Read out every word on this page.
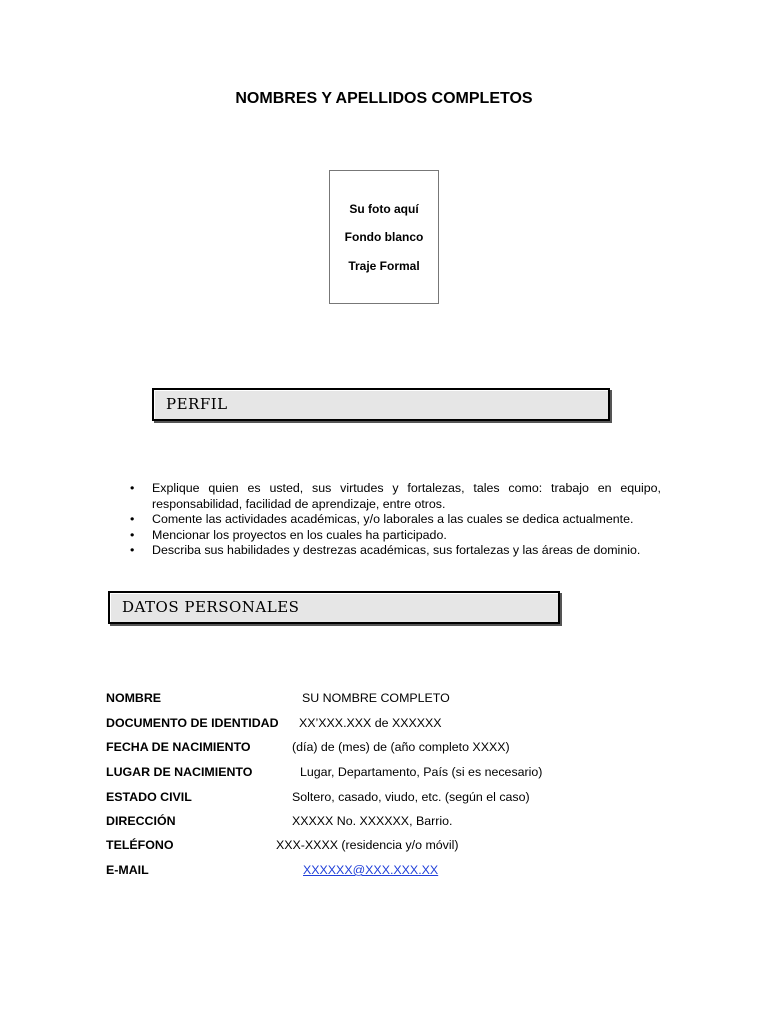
NOMBRES Y APELLIDOS COMPLETOS
Su foto aquí
Fondo blanco
Traje Formal
PERFIL
• Explique quien es usted, sus virtudes y fortalezas, tales como: trabajo en equipo, responsabilidad, facilidad de aprendizaje, entre otros.
• Comente las actividades académicas, y/o laborales a las cuales se dedica actualmente.
• Mencionar los proyectos en los cuales ha participado.
• Describa sus habilidades y destrezas académicas, sus fortalezas y las áreas de dominio.
DATOS PERSONALES
NOMBRE	SU NOMBRE COMPLETO
DOCUMENTO DE IDENTIDAD XX’XXX.XXX de XXXXXX
FECHA DE NACIMIENTO	(día) de (mes) de (año completo XXXX)
LUGAR DE NACIMIENTO	Lugar, Departamento, País (si es necesario)
ESTADO CIVIL	Soltero, casado, viudo, etc. (según el caso)
DIRECCIÓN	XXXXX No. XXXXXX, Barrio.
TELÉFONO	XXX-XXXX (residencia y/o móvil)
E-MAIL	XXXXXX@XXX.XXX.XX
